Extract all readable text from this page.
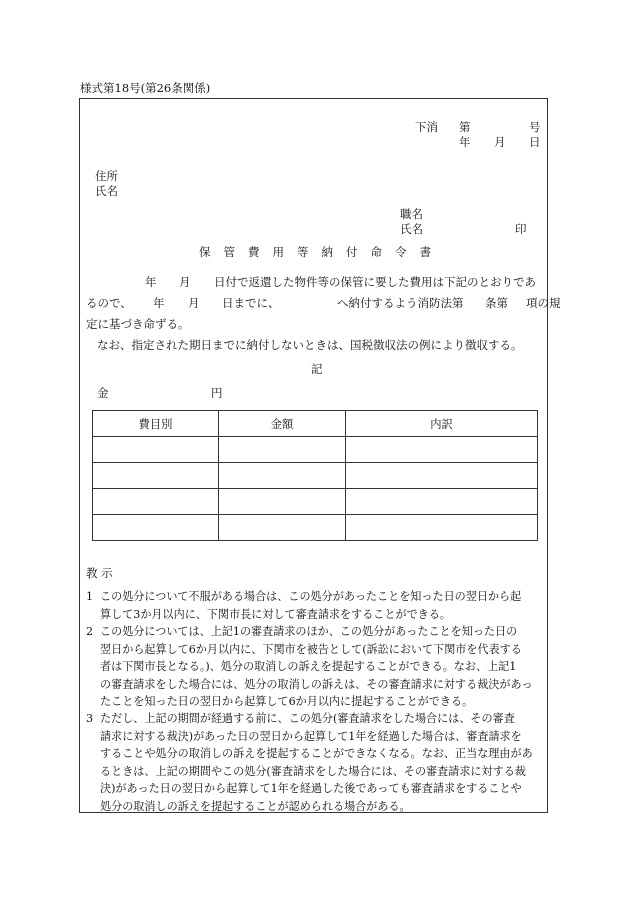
様式第18号(第26条関係)
下消 第	号
年 月 日
住所
氏名
職名
氏名	印
保 管 費 用 等 納 付 命 令 書
年 月 日付で返還した物件等の保管に要した費用は下記のとおりであ
るので、 年 月 日までに、	へ納付するよう消防法第 条第 項の規
定に基づき命ずる。
なお、指定された期日までに納付しないときは、国税徴収法の例により徴収する。
記
金	円
費目別	金額	内訳

教 示
1 この処分について不服がある場合は、この処分があったことを知った日の翌日から起
算して3か月以内に、下関市長に対して審査請求をすることができる。
2 この処分については、上記1の審査請求のほか、この処分があったことを知った日の
翌日から起算して6か月以内に、下関市を被告として(訴訟において下関市を代表する
者は下関市長となる。)、処分の取消しの訴えを提起することができる。なお、上記1
の審査請求をした場合には、処分の取消しの訴えは、その審査請求に対する裁決があっ
たことを知った日の翌日から起算して6か月以内に提起することができる。
3 ただし、上記の期間が経過する前に、この処分(審査請求をした場合には、その審査
請求に対する裁決)があった日の翌日から起算して1年を経過した場合は、審査請求を
することや処分の取消しの訴えを提起することができなくなる。なお、正当な理由があ
るときは、上記の期間やこの処分(審査請求をした場合には、その審査請求に対する裁
決)があった日の翌日から起算して1年を経過した後であっても審査請求をすることや
処分の取消しの訴えを提起することが認められる場合がある。
